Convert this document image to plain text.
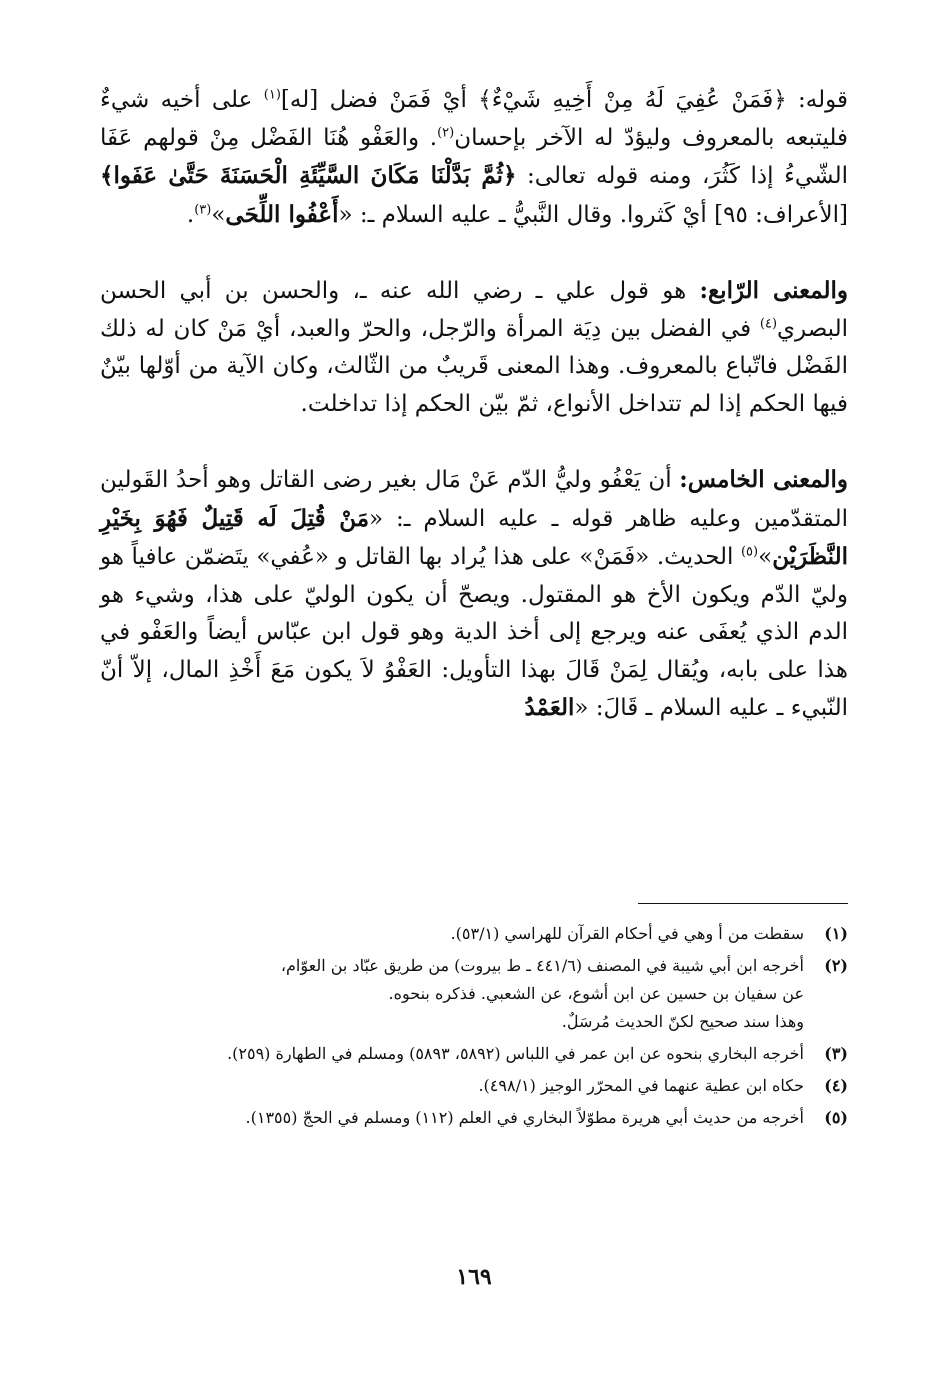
قوله: ﴿فَمَنْ عُفِيَ لَهُ مِنْ أَخِيهِ شَيْءٌ﴾ أيْ فَمَنْ فضل [له]$^{(١)}$ على أخيه شيءٌ فليتبعه بالمعروف وليؤدّ له الآخر بإحسان$^{(٢)}$. والعَفْو هُنَا الفَضْل مِنْ قولهم عَفَا الشّيءُ إذا كَثُرَ، ومنه قوله تعالى: ﴿ثُمَّ بَدَّلْنَا مَكَانَ السَّيِّئَةِ الْحَسَنَةَ حَتَّىٰ عَفَوا﴾ [الأعراف: ٩٥] أيْ كَثروا. وقال النَّبيُّ ـ عليه السلام ـ: «أَعْفُوا اللِّحَى»$^{(٣)}$.

والمعنى الرّابع: هو قول علي ـ رضي الله عنه ـ، والحسن بن أبي الحسن البصري$^{(٤)}$ في الفضل بين دِيَة المرأة والرّجل، والحرّ والعبد، أيْ مَنْ كان له ذلك الفَضْل فاتّباع بالمعروف. وهذا المعنى قَريبٌ من الثّالث، وكان الآية من أوّلها بيّنٌ فيها الحكم إذا لم تتداخل الأنواع، ثمّ بيّن الحكم إذا تداخلت.

والمعنى الخامس: أن يَعْفُو وليُّ الدّم عَنْ مَال بغير رضى القاتل وهو أحدُ القَولين المتقدّمين وعليه ظاهر قوله ـ عليه السلام ـ: «مَنْ قُتِلَ لَه قَتِيلٌ فَهُوَ بِخَيْرِ النَّظَرَيْن»$^{(٥)}$ الحديث. «فَمَنْ» على هذا يُراد بها القاتل و «عُفي» يتَضمّن عافياً هو وليّ الدّم ويكون الأخ هو المقتول. ويصحّ أن يكون الوليّ على هذا، وشيء هو الدم الذي يُعفَى عنه ويرجع إلى أخذ الدية وهو قول ابن عبّاس أيضاً والعَفْو في هذا على بابه، ويُقال لِمَنْ قَالَ بهذا التأويل: العَفْوُ لاَ يكون مَعَ أَخْذِ المال، إلاّ أنّ النّبيء ـ عليه السلام ـ قَالَ: «العَمْدُ

(١)
سقطت من أ وهي في أحكام القرآن للهراسي (٥٣/١).
(٢)
أخرجه ابن أبي شيبة في المصنف (٤٤١/٦ ـ ط بيروت) من طريق عبّاد بن العوّام،
عن سفيان بن حسين عن ابن أشوع، عن الشعبي. فذكره بنحوه.
وهذا سند صحيح لكنّ الحديث مُرسَلٌ.
(٣)
أخرجه البخاري بنحوه عن ابن عمر في اللباس (٥٨٩٢، ٥٨٩٣) ومسلم في الطهارة (٢٥٩).
(٤)
حكاه ابن عطية عنهما في المحرّر الوجيز (٤٩٨/١).
(٥)
أخرجه من حديث أبي هريرة مطوّلاً البخاري في العلم (١١٢) ومسلم في الحجّ (١٣٥٥).
١٦٩
